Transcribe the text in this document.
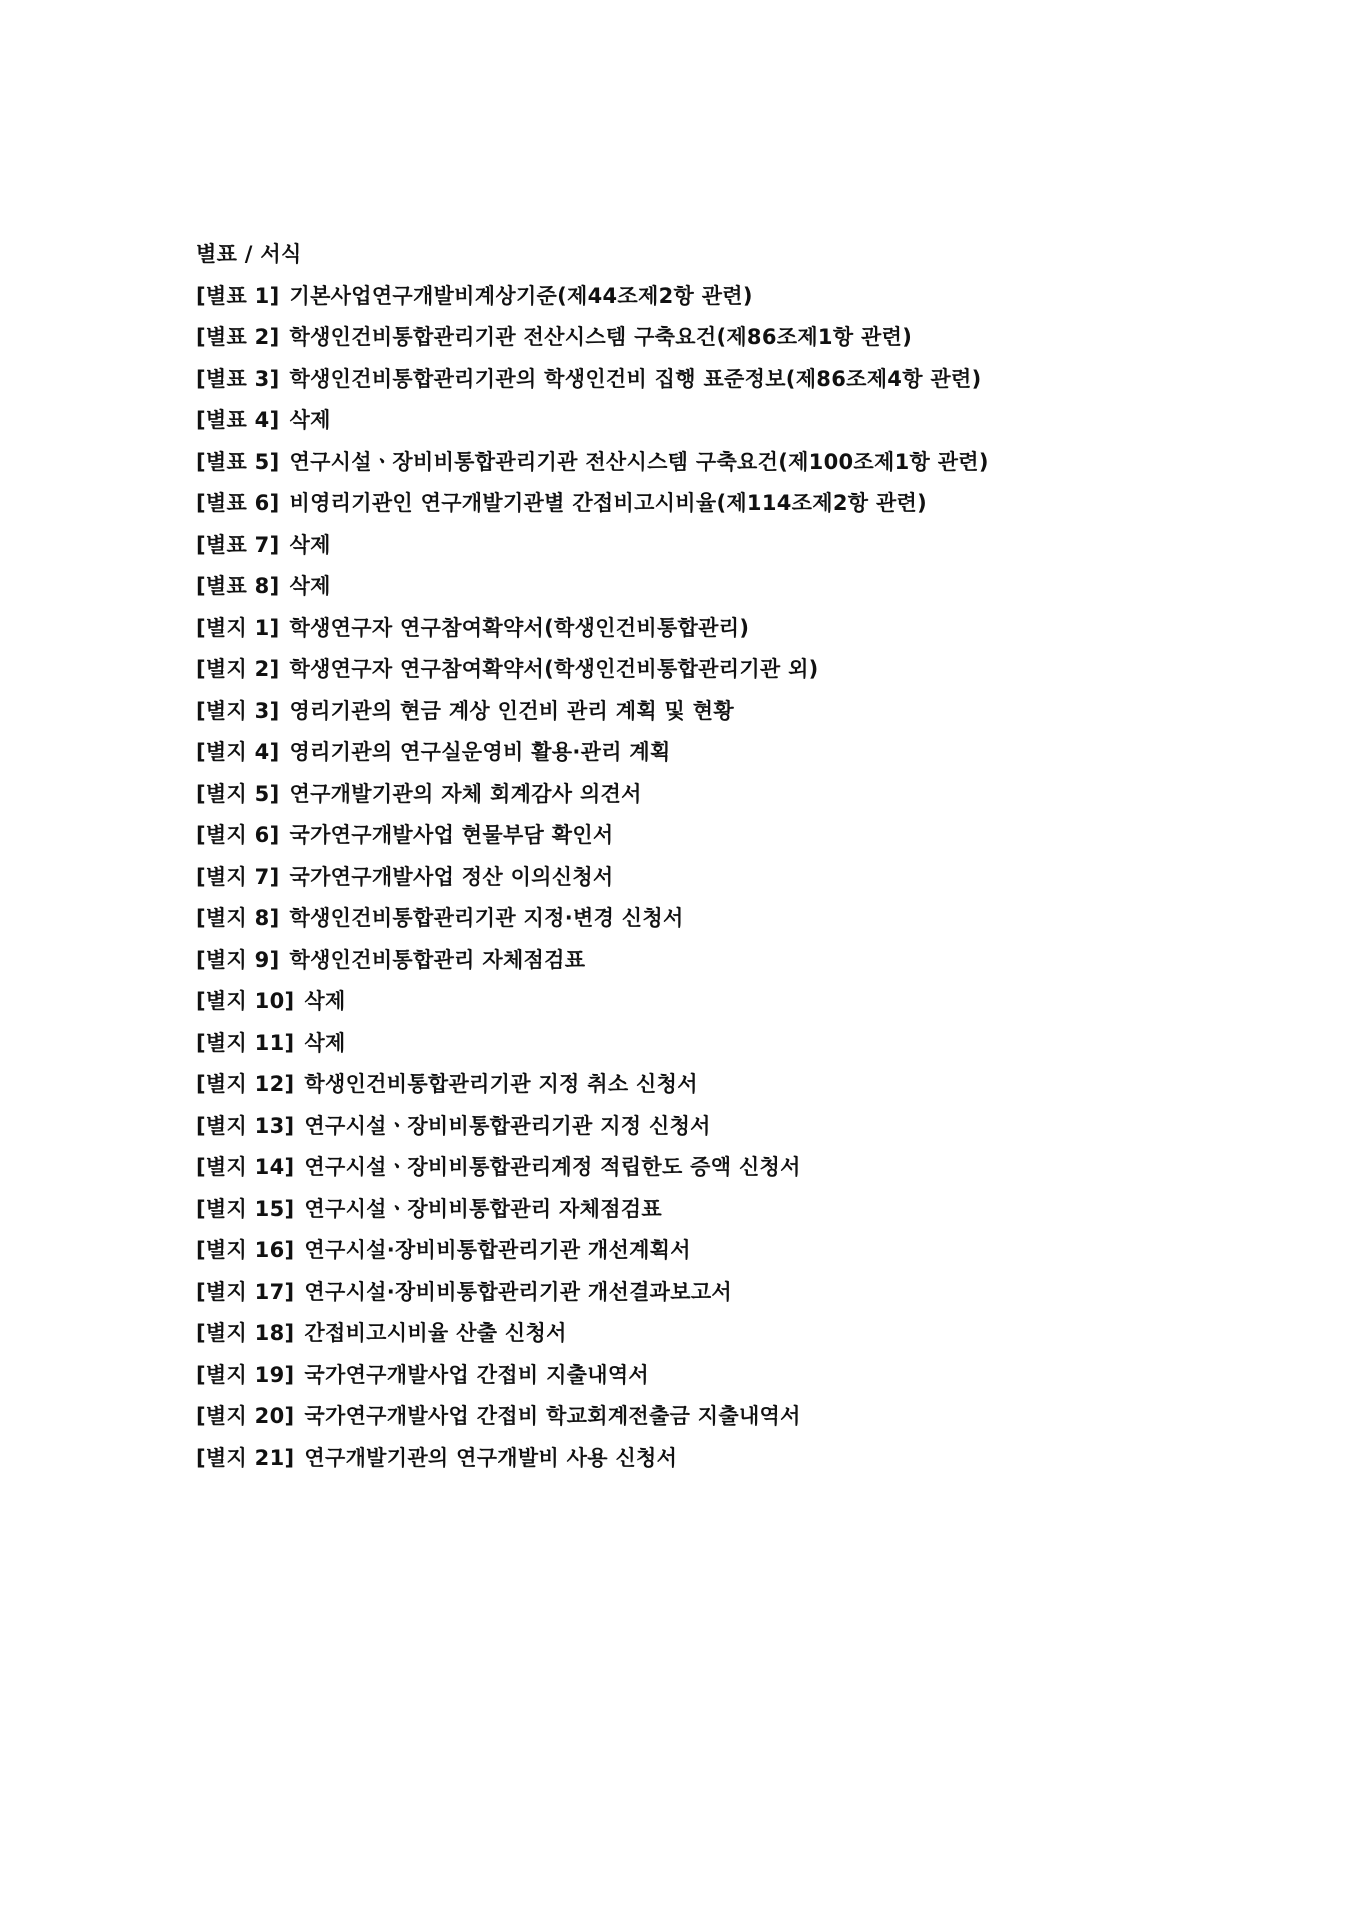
별표 / 서식
[별표 1] 기본사업연구개발비계상기준(제44조제2항 관련)
[별표 2] 학생인건비통합관리기관 전산시스템 구축요건(제86조제1항 관련)
[별표 3] 학생인건비통합관리기관의 학생인건비 집행 표준정보(제86조제4항 관련)
[별표 4] 삭제
[별표 5] 연구시설ㆍ장비비통합관리기관 전산시스템 구축요건(제100조제1항 관련)
[별표 6] 비영리기관인 연구개발기관별 간접비고시비율(제114조제2항 관련)
[별표 7] 삭제
[별표 8] 삭제
[별지 1] 학생연구자 연구참여확약서(학생인건비통합관리)
[별지 2] 학생연구자 연구참여확약서(학생인건비통합관리기관 외)
[별지 3] 영리기관의 현금 계상 인건비 관리 계획 및 현황
[별지 4] 영리기관의 연구실운영비 활용·관리 계획
[별지 5] 연구개발기관의 자체 회계감사 의견서
[별지 6] 국가연구개발사업 현물부담 확인서
[별지 7] 국가연구개발사업 정산 이의신청서
[별지 8] 학생인건비통합관리기관 지정·변경 신청서
[별지 9] 학생인건비통합관리 자체점검표
[별지 10] 삭제
[별지 11] 삭제
[별지 12] 학생인건비통합관리기관 지정 취소 신청서
[별지 13] 연구시설ㆍ장비비통합관리기관 지정 신청서
[별지 14] 연구시설ㆍ장비비통합관리계정 적립한도 증액 신청서
[별지 15] 연구시설ㆍ장비비통합관리 자체점검표
[별지 16] 연구시설·장비비통합관리기관 개선계획서
[별지 17] 연구시설·장비비통합관리기관 개선결과보고서
[별지 18] 간접비고시비율 산출 신청서
[별지 19] 국가연구개발사업 간접비 지출내역서
[별지 20] 국가연구개발사업 간접비 학교회계전출금 지출내역서
[별지 21] 연구개발기관의 연구개발비 사용 신청서
